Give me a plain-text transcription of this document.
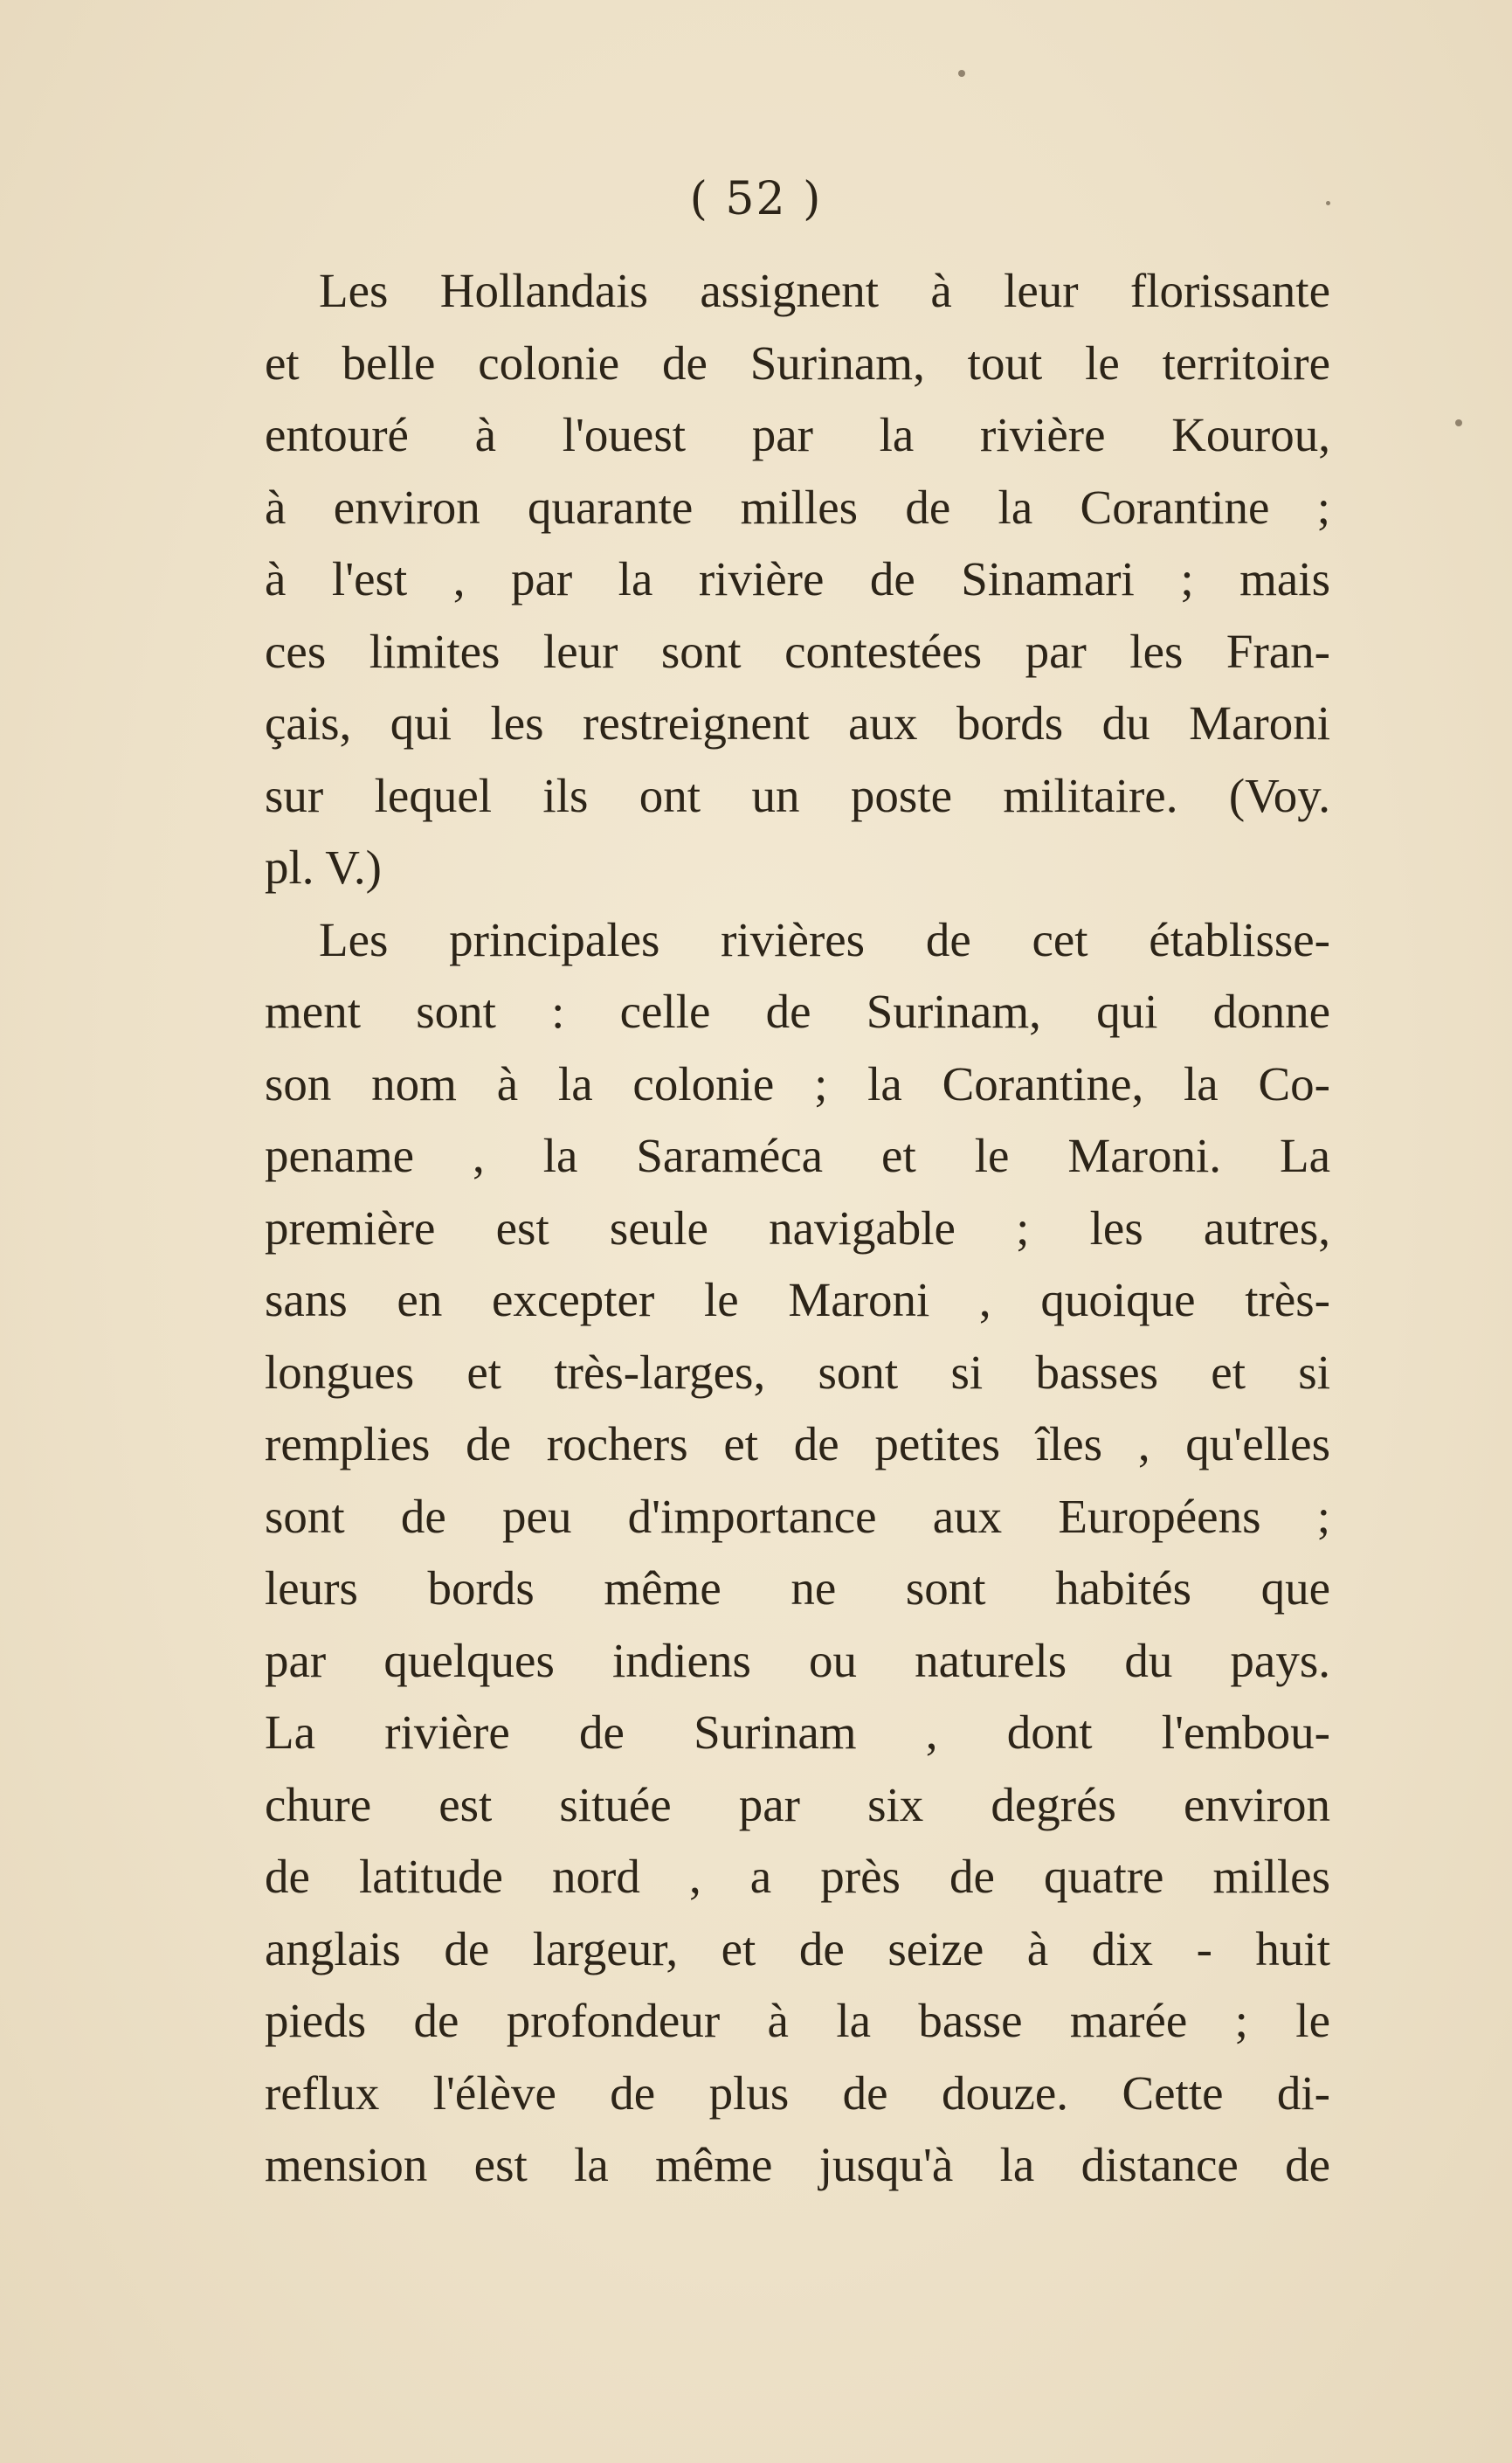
( 52 )
Les Hollandais assignent à leur florissante
et belle colonie de Surinam, tout le territoire
entouré à l'ouest par la rivière Kourou,
à environ quarante milles de la Corantine ;
à l'est , par la rivière de Sinamari ; mais
ces limites leur sont contestées par les Fran-
çais, qui les restreignent aux bords du Maroni
sur lequel ils ont un poste militaire. (Voy.
pl. V.)
Les principales rivières de cet établisse-
ment sont : celle de Surinam, qui donne
son nom à la colonie ; la Corantine, la Co-
pename , la Saraméca et le Maroni. La
première est seule navigable ; les autres,
sans en excepter le Maroni , quoique très-
longues et très-larges, sont si basses et si
remplies de rochers et de petites îles , qu'elles
sont de peu d'importance aux Européens ;
leurs bords même ne sont habités que
par quelques indiens ou naturels du pays.
La rivière de Surinam , dont l'embou-
chure est située par six degrés environ
de latitude nord , a près de quatre milles
anglais de largeur, et de seize à dix - huit
pieds de profondeur à la basse marée ; le
reflux l'élève de plus de douze. Cette di-
mension est la même jusqu'à la distance de
